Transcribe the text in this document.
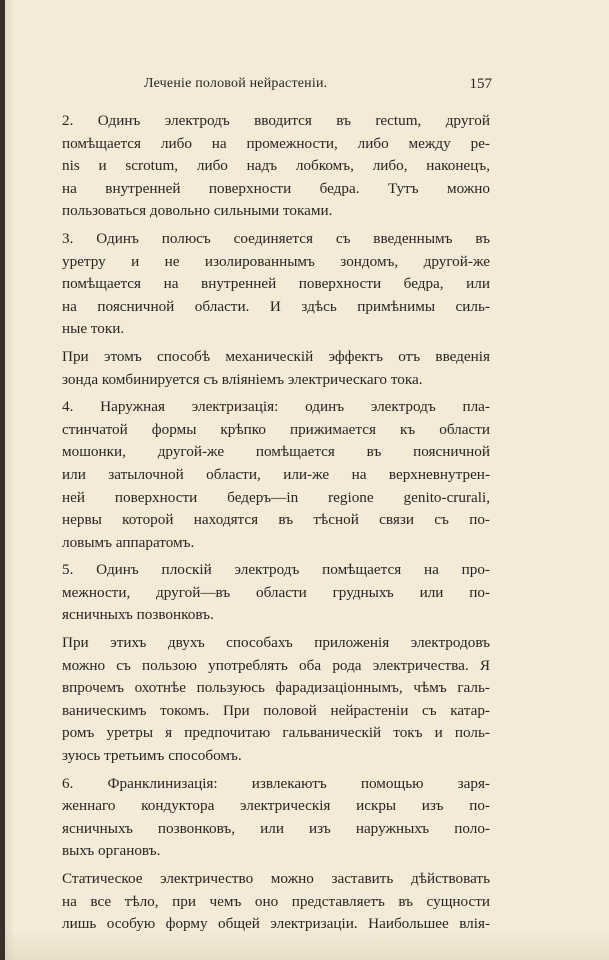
Леченіе половой нейрастеніи.	157
2. Одинъ электродъ вводится въ rectum, другой
помѣщается либо на промежности, либо между ре-
nis и scrotum, либо надъ лобкомъ, либо, наконецъ,
на внутренней поверхности бедра. Тутъ можно
пользоваться довольно сильными токами.
3. Одинъ полюсъ соединяется съ введеннымъ въ
уретру и не изолированнымъ зондомъ, другой-же
помѣщается на внутренней поверхности бедра, или
на поясничной области. И здѣсь примѣнимы силь-
ные токи.
При этомъ способѣ механическій эффектъ отъ введенія
зонда комбинируется съ вліяніемъ электрическаго тока.
4. Наружная электризація: одинъ электродъ пла-
стинчатой формы крѣпко прижимается къ области
мошонки, другой-же помѣщается въ поясничной
или затылочной области, или-же на верхневнутрен-
ней поверхности бедеръ—in regione genito-crurali,
нервы которой находятся въ тѣсной связи съ по-
ловымъ аппаратомъ.
5. Одинъ плоскій электродъ помѣщается на про-
межности, другой—въ области грудныхъ или по-
ясничныхъ позвонковъ.
При этихъ двухъ способахъ приложенія электродовъ
можно съ пользою употреблять оба рода электричества. Я
впрочемъ охотнѣе пользуюсь фарадизаціоннымъ, чѣмъ галь-
ваническимъ токомъ. При половой нейрастеніи съ катар-
ромъ уретры я предпочитаю гальваническій токъ и поль-
зуюсь третьимъ способомъ.
6. Франклинизація: извлекаютъ помощью заря-
женнаго кондуктора электрическія искры изъ по-
ясничныхъ позвонковъ, или изъ наружныхъ поло-
выхъ органовъ.
Статическое электричество можно заставить дѣйствовать
на все тѣло, при чемъ оно представляетъ въ сущности
лишь особую форму общей электризаціи. Наибольшее влія-
